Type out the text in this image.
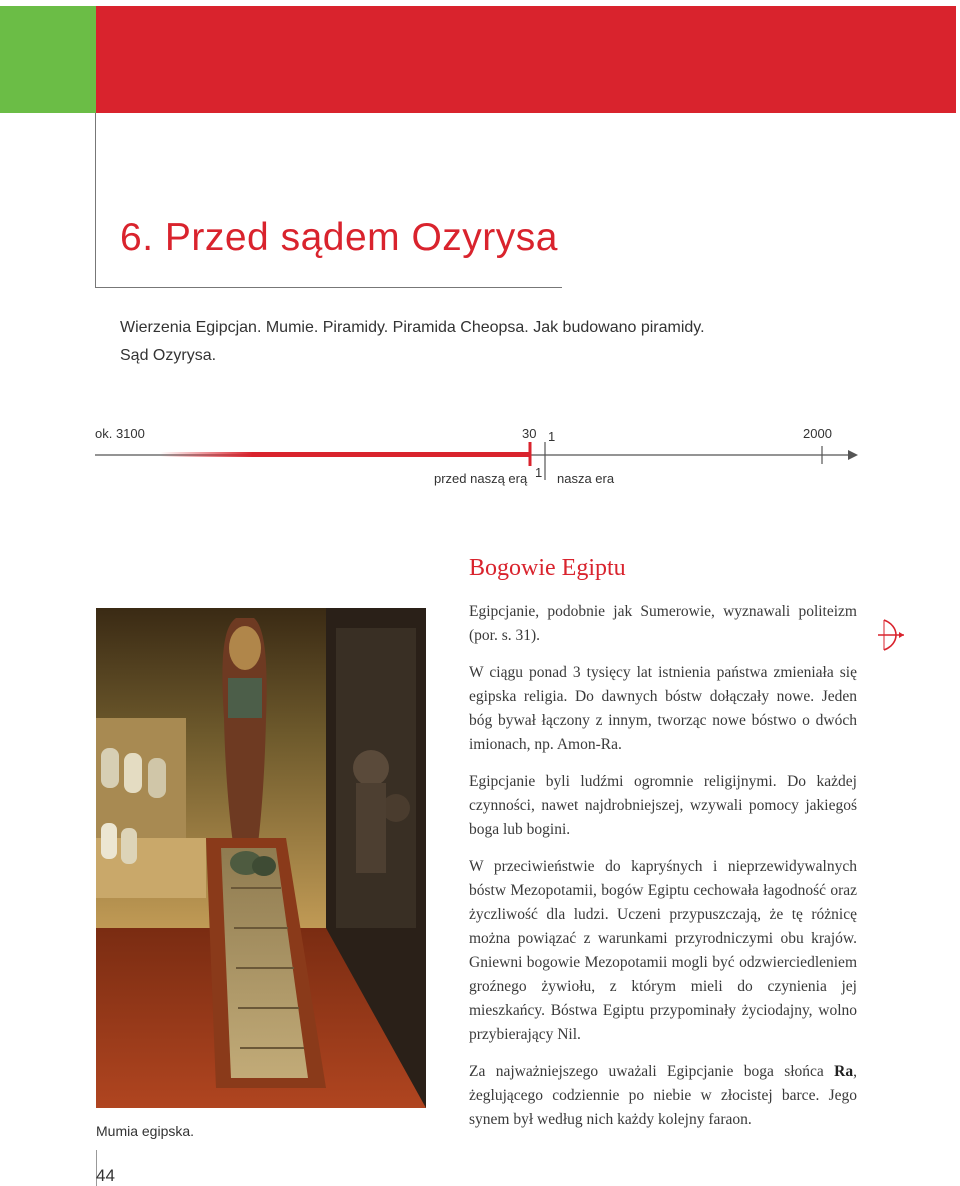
6. Przed sądem Ozyrysa
Wierzenia Egipcjan. Mumie. Piramidy. Piramida Cheopsa. Jak budowano piramidy.
Sąd Ozyrysa.
ok. 3100	30 1	2000
przed naszą erą 1 nasza era
Mumia egipska.
Bogowie Egiptu

Egipcjanie, podobnie jak Sumerowie, wyznawali politeizm (por. s. 31).

W ciągu ponad 3 tysięcy lat istnienia państwa zmieniała się egipska religia. Do dawnych bóstw dołączały nowe. Jeden bóg bywał łączony z innym, tworząc nowe bóstwo o dwóch imionach, np. Amon-Ra.

Egipcjanie byli ludźmi ogromnie religijnymi. Do każdej czynności, nawet najdrobniejszej, wzywali pomocy jakiegoś boga lub bogini.

W przeciwieństwie do kapryśnych i nieprzewidywalnych bóstw Mezopotamii, bogów Egiptu cechowała łagodność oraz życzliwość dla ludzi. Uczeni przypuszczają, że tę różnicę można powiązać z warunkami przyrodniczymi obu krajów. Gniewni bogowie Mezopotamii mogli być odzwierciedleniem groźnego żywiołu, z którym mieli do czynienia jej mieszkańcy. Bóstwa Egiptu przypominały życiodajny, wolno przybierający Nil.

Za najważniejszego uważali Egipcjanie boga słońca Ra, żeglującego codziennie po niebie w złocistej barce. Jego synem był według nich każdy kolejny faraon.

44
